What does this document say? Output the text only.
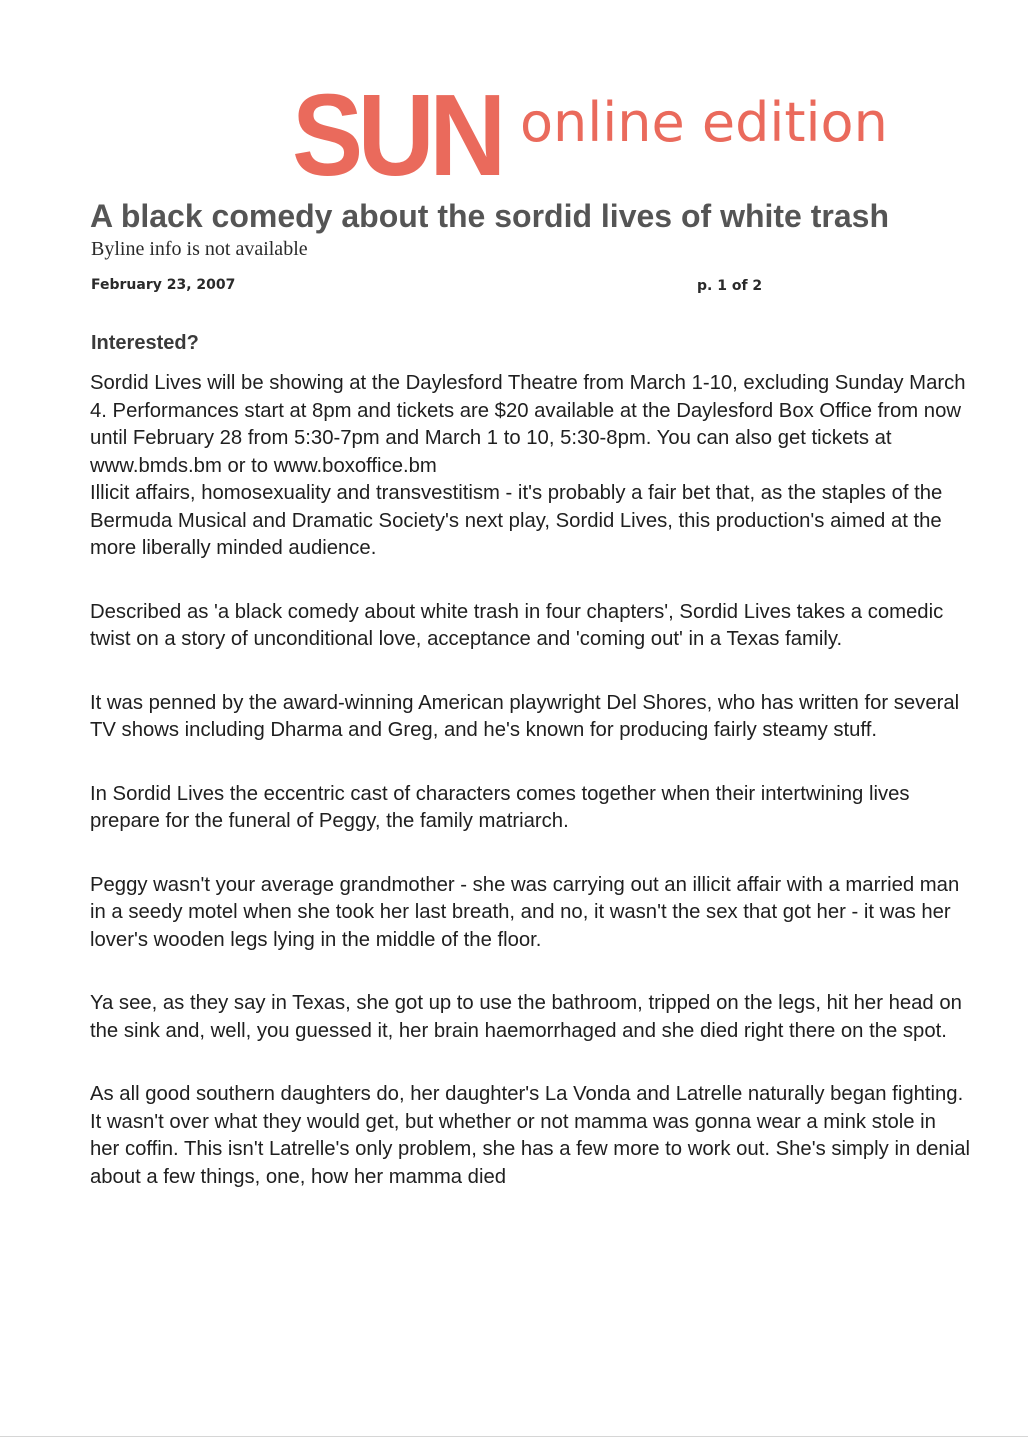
SUN online edition
A black comedy about the sordid lives of white trash
Byline info is not available
February 23, 2007	p. 1 of 2
Interested?

Sordid Lives will be showing at the Daylesford Theatre from March 1-10, excluding Sunday March 4. Performances start at 8pm and tickets are $20 available at the Daylesford Box Office from now until February 28 from 5:30-7pm and March 1 to 10, 5:30-8pm. You can also get tickets at www.bmds.bm or to www.boxoffice.bm

Illicit affairs, homosexuality and transvestitism - it's probably a fair bet that, as the staples of the Bermuda Musical and Dramatic Society's next play, Sordid Lives, this production's aimed at the more liberally minded audience.

Described as 'a black comedy about white trash in four chapters', Sordid Lives takes a comedic twist on a story of unconditional love, acceptance and 'coming out' in a Texas family.

It was penned by the award-winning American playwright Del Shores, who has written for several TV shows including Dharma and Greg, and he's known for producing fairly steamy stuff.

In Sordid Lives the eccentric cast of characters comes together when their intertwining lives prepare for the funeral of Peggy, the family matriarch.

Peggy wasn't your average grandmother - she was carrying out an illicit affair with a married man in a seedy motel when she took her last breath, and no, it wasn't the sex that got her - it was her lover's wooden legs lying in the middle of the floor.

Ya see, as they say in Texas, she got up to use the bathroom, tripped on the legs, hit her head on the sink and, well, you guessed it, her brain haemorrhaged and she died right there on the spot.

As all good southern daughters do, her daughter's La Vonda and Latrelle naturally began fighting. It wasn't over what they would get, but whether or not mamma was gonna wear a mink stole in her coffin. This isn't Latrelle's only problem, she has a few more to work out. She's simply in denial about a few things, one, how her mamma died
